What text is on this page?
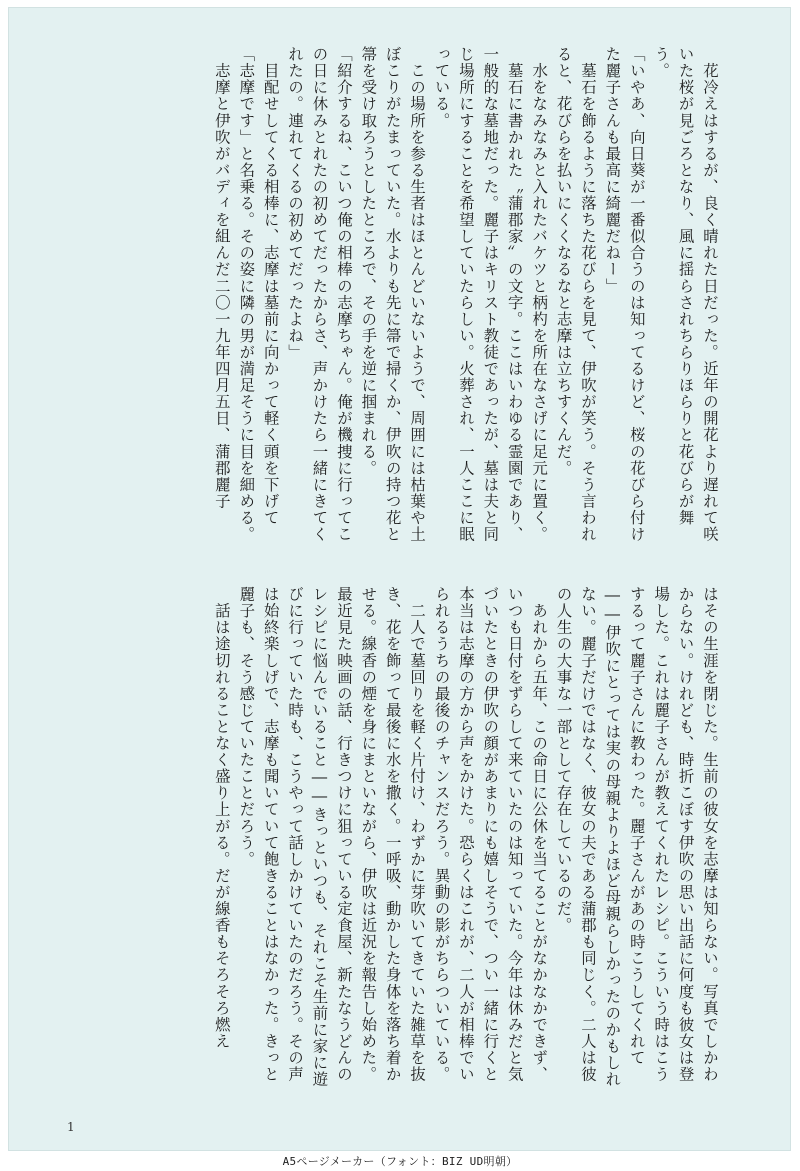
　花冷えはするが、良く晴れた日だった。近年の開花より遅れて咲いた桜が見ごろとなり、風に揺らされちらりほらりと花びらが舞う。

「いやあ、向日葵が一番似合うのは知ってるけど、桜の花びら付けた麗子さんも最高に綺麗だねー」

　墓石を飾るように落ちた花びらを見て、伊吹が笑う。そう言われると、花びらを払いにくくなるなと志摩は立ちすくんだ。

　水をなみなみと入れたバケツと柄杓を所在なさげに足元に置く。

　墓石に書かれた〝蒲郡家〟の文字。ここはいわゆる霊園であり、一般的な墓地だった。麗子はキリスト教徒であったが、墓は夫と同じ場所にすることを希望していたらしい。火葬され、一人ここに眠っている。

　この場所を参る生者はほとんどいないようで、周囲には枯葉や土ぼこりがたまっていた。水よりも先に箒で掃くか、伊吹の持つ花と箒を受け取ろうとしたところで、その手を逆に掴まれる。

「紹介するね、こいつ俺の相棒の志摩ちゃん。俺が機捜に行ってこの日に休みとれたの初めてだったからさ、声かけたら一緒にきてくれたの。連れてくるの初めてだったよね」

　目配せしてくる相棒に、志摩は墓前に向かって軽く頭を下げて「志摩です」と名乗る。その姿に隣の男が満足そうに目を細める。

　志摩と伊吹がバディを組んだ二〇一九年四月五日、蒲郡麗子

はその生涯を閉じた。生前の彼女を志摩は知らない。写真でしかわからない。けれども、時折こぼす伊吹の思い出話に何度も彼女は登場した。これは麗子さんが教えてくれたレシピ。こういう時はこうするって麗子さんに教わった。麗子さんがあの時こうしてくれて――伊吹にとっては実の母親よりよほど母親らしかったのかもしれない。麗子だけではなく、彼女の夫である蒲郡も同じく。二人は彼の人生の大事な一部として存在しているのだ。

　あれから五年、この命日に公休を当てることがなかなかできず、いつも日付をずらして来ていたのは知っていた。今年は休みだと気づいたときの伊吹の顔があまりにも嬉しそうで、つい一緒に行くと本当は志摩の方から声をかけた。恐らくはこれが、二人が相棒でいられるうちの最後のチャンスだろう。異動の影がちらついている。

　二人で墓回りを軽く片付け、わずかに芽吹いてきていた雑草を抜き、花を飾って最後に水を撒く。一呼吸、動かした身体を落ち着かせる。線香の煙を身にまといながら、伊吹は近況を報告し始めた。最近見た映画の話、行きつけに狙っている定食屋、新たなうどんのレシピに悩んでいること――きっといつも、それこそ生前に家に遊びに行っていた時も、こうやって話しかけていたのだろう。その声は始終楽しげで、志摩も聞いていて飽きることはなかった。きっと麗子も、そう感じていたことだろう。

　話は途切れることなく盛り上がる。だが線香もそろそろ燃え

1
A5ページメーカー（フォント：BIZ UD明朝）
